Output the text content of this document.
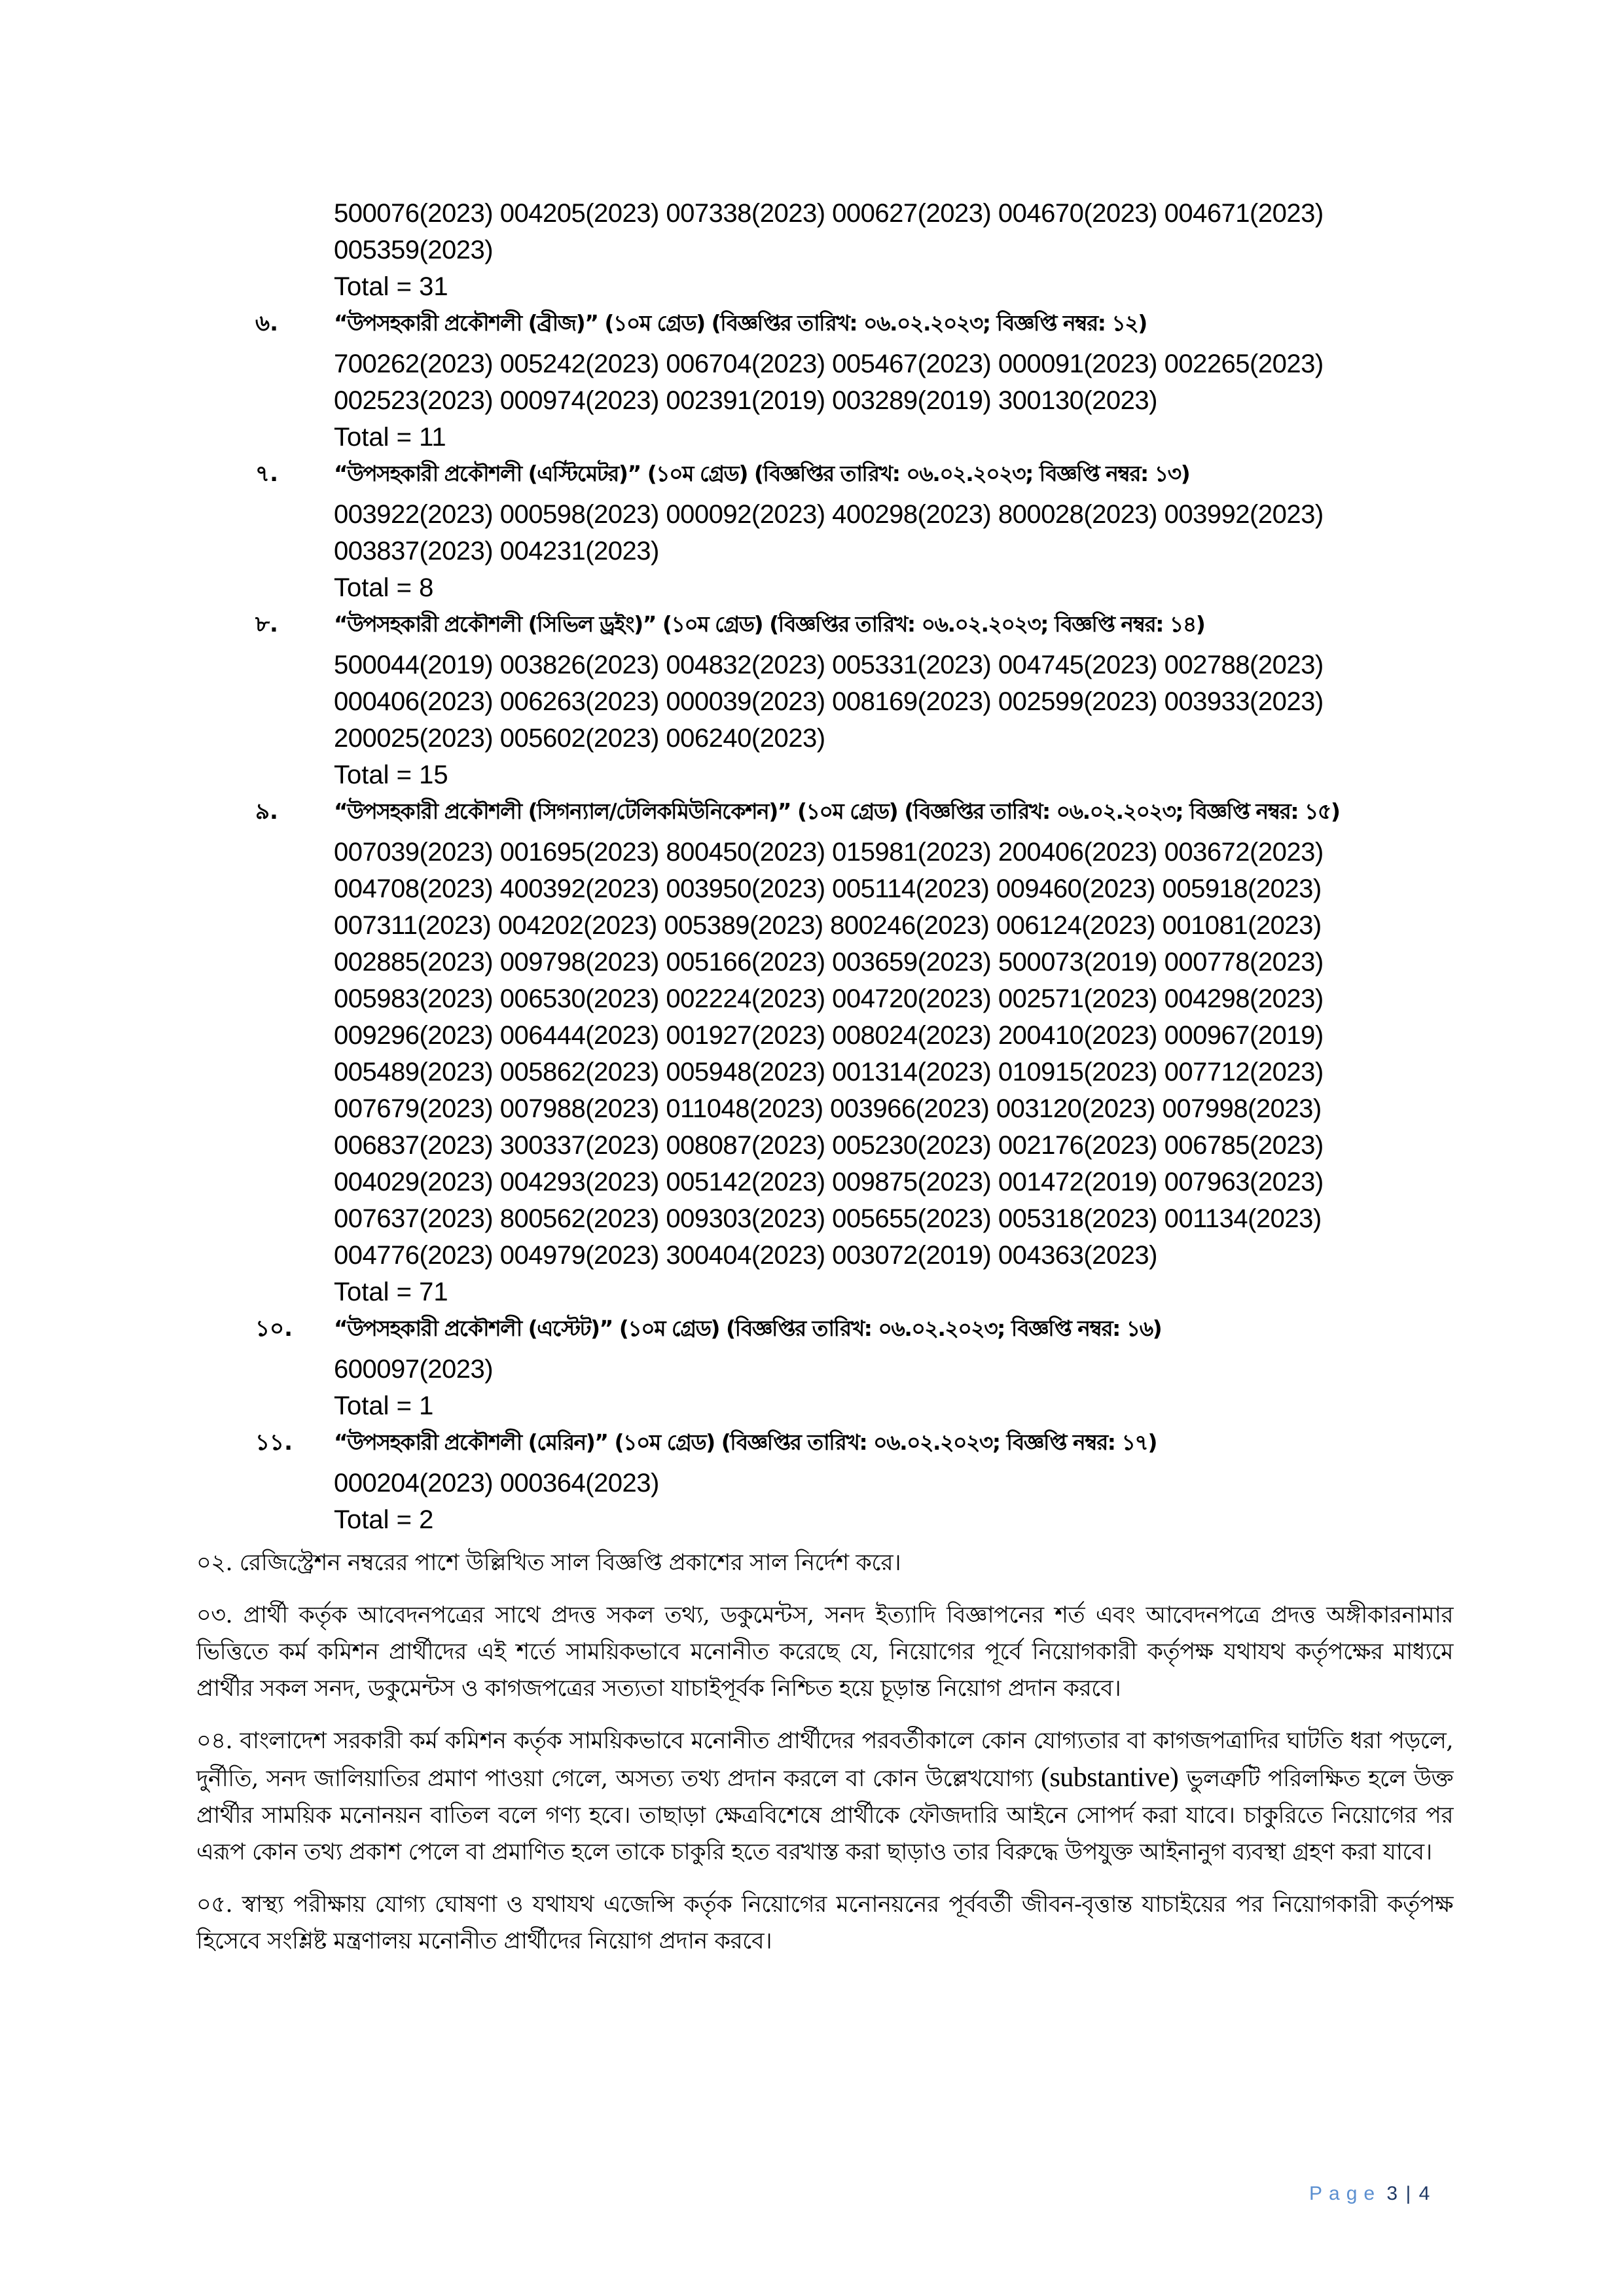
500076(2023) 004205(2023) 007338(2023) 000627(2023) 004670(2023) 004671(2023)
005359(2023)
Total = 31
৬.	“উপসহকারী প্রকৌশলী (ব্রীজ)” (১০ম গ্রেড) (বিজ্ঞপ্তির তারিখ: ০৬.০২.২০২৩; বিজ্ঞপ্তি নম্বর: ১২)
700262(2023) 005242(2023) 006704(2023) 005467(2023) 000091(2023) 002265(2023)
002523(2023) 000974(2023) 002391(2019) 003289(2019) 300130(2023)
Total = 11
৭.	“উপসহকারী প্রকৌশলী (এস্টিমেটর)” (১০ম গ্রেড) (বিজ্ঞপ্তির তারিখ: ০৬.০২.২০২৩; বিজ্ঞপ্তি নম্বর: ১৩)
003922(2023) 000598(2023) 000092(2023) 400298(2023) 800028(2023) 003992(2023)
003837(2023) 004231(2023)
Total = 8
৮.	“উপসহকারী প্রকৌশলী (সিভিল ড্রইং)” (১০ম গ্রেড) (বিজ্ঞপ্তির তারিখ: ০৬.০২.২০২৩; বিজ্ঞপ্তি নম্বর: ১৪)
500044(2019) 003826(2023) 004832(2023) 005331(2023) 004745(2023) 002788(2023)
000406(2023) 006263(2023) 000039(2023) 008169(2023) 002599(2023) 003933(2023)
200025(2023) 005602(2023) 006240(2023)
Total = 15
৯.	“উপসহকারী প্রকৌশলী (সিগন্যাল/টেলিকমিউনিকেশন)” (১০ম গ্রেড) (বিজ্ঞপ্তির তারিখ: ০৬.০২.২০২৩; বিজ্ঞপ্তি নম্বর: ১৫)
007039(2023) 001695(2023) 800450(2023) 015981(2023) 200406(2023) 003672(2023)
004708(2023) 400392(2023) 003950(2023) 005114(2023) 009460(2023) 005918(2023)
007311(2023) 004202(2023) 005389(2023) 800246(2023) 006124(2023) 001081(2023)
002885(2023) 009798(2023) 005166(2023) 003659(2023) 500073(2019) 000778(2023)
005983(2023) 006530(2023) 002224(2023) 004720(2023) 002571(2023) 004298(2023)
009296(2023) 006444(2023) 001927(2023) 008024(2023) 200410(2023) 000967(2019)
005489(2023) 005862(2023) 005948(2023) 001314(2023) 010915(2023) 007712(2023)
007679(2023) 007988(2023) 011048(2023) 003966(2023) 003120(2023) 007998(2023)
006837(2023) 300337(2023) 008087(2023) 005230(2023) 002176(2023) 006785(2023)
004029(2023) 004293(2023) 005142(2023) 009875(2023) 001472(2019) 007963(2023)
007637(2023) 800562(2023) 009303(2023) 005655(2023) 005318(2023) 001134(2023)
004776(2023) 004979(2023) 300404(2023) 003072(2019) 004363(2023)
Total = 71
১০. “উপসহকারী প্রকৌশলী (এস্টেট)” (১০ম গ্রেড) (বিজ্ঞপ্তির তারিখ: ০৬.০২.২০২৩; বিজ্ঞপ্তি নম্বর: ১৬)
600097(2023)
Total = 1
১১. “উপসহকারী প্রকৌশলী (মেরিন)” (১০ম গ্রেড) (বিজ্ঞপ্তির তারিখ: ০৬.০২.২০২৩; বিজ্ঞপ্তি নম্বর: ১৭)
000204(2023) 000364(2023)
Total = 2

০২. রেজিস্ট্রেশন নম্বরের পাশে উল্লিখিত সাল বিজ্ঞপ্তি প্রকাশের সাল নির্দেশ করে।

০৩. প্রার্থী কর্তৃক আবেদনপত্রের সাথে প্রদত্ত সকল তথ্য, ডকুমেন্টস, সনদ ইত্যাদি বিজ্ঞাপনের শর্ত এবং আবেদনপত্রে প্রদত্ত অঙ্গীকারনামার ভিত্তিতে কর্ম কমিশন প্রার্থীদের এই শর্তে সাময়িকভাবে মনোনীত করেছে যে, নিয়োগের পূর্বে নিয়োগকারী কর্তৃপক্ষ যথাযথ কর্তৃপক্ষের মাধ্যমে প্রার্থীর সকল সনদ, ডকুমেন্টস ও কাগজপত্রের সত্যতা যাচাইপূর্বক নিশ্চিত হয়ে চূড়ান্ত নিয়োগ প্রদান করবে।

০৪. বাংলাদেশ সরকারী কর্ম কমিশন কর্তৃক সাময়িকভাবে মনোনীত প্রার্থীদের পরবর্তীকালে কোন যোগ্যতার বা কাগজপত্রাদির ঘাটতি ধরা পড়লে, দুর্নীতি, সনদ জালিয়াতির প্রমাণ পাওয়া গেলে, অসত্য তথ্য প্রদান করলে বা কোন উল্লেখযোগ্য (substantive) ভুলত্রুটি পরিলক্ষিত হলে উক্ত প্রার্থীর সাময়িক মনোনয়ন বাতিল বলে গণ্য হবে। তাছাড়া ক্ষেত্রবিশেষে প্রার্থীকে ফৌজদারি আইনে সোপর্দ করা যাবে। চাকুরিতে নিয়োগের পর এরূপ কোন তথ্য প্রকাশ পেলে বা প্রমাণিত হলে তাকে চাকুরি হতে বরখাস্ত করা ছাড়াও তার বিরুদ্ধে উপযুক্ত আইনানুগ ব্যবস্থা গ্রহণ করা যাবে।

০৫. স্বাস্থ্য পরীক্ষায় যোগ্য ঘোষণা ও যথাযথ এজেন্সি কর্তৃক নিয়োগের মনোনয়নের পূর্ববর্তী জীবন-বৃত্তান্ত যাচাইয়ের পর নিয়োগকারী কর্তৃপক্ষ হিসেবে সংশ্লিষ্ট মন্ত্রণালয় মনোনীত প্রার্থীদের নিয়োগ প্রদান করবে।

Page 3 | 4
